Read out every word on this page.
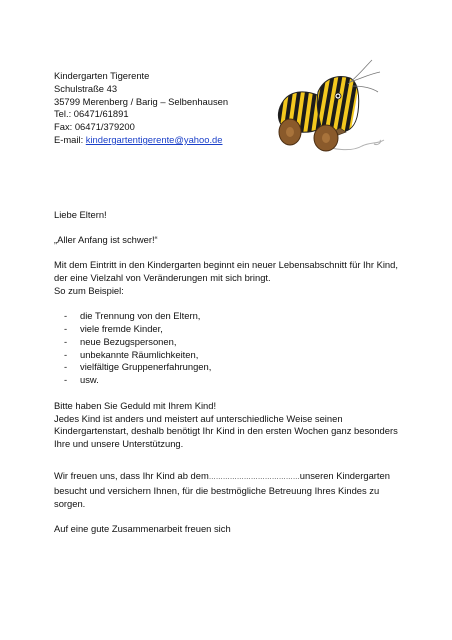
Kindergarten Tigerente
Schulstraße 43
35799 Merenberg / Barig – Selbenhausen
Tel.: 06471/61891
Fax: 06471/379200
E-mail: kindergartentigerente@yahoo.de

Liebe Eltern!

„Aller Anfang ist schwer!“

Mit dem Eintritt in den Kindergarten beginnt ein neuer Lebensabschnitt für Ihr Kind, der eine Vielzahl von Veränderungen mit sich bringt.

So zum Beispiel:

- die Trennung von den Eltern,
- viele fremde Kinder,
- neue Bezugspersonen,
- unbekannte Räumlichkeiten,
- vielfältige Gruppenerfahrungen,
- usw.

Bitte haben Sie Geduld mit Ihrem Kind!

Jedes Kind ist anders und meistert auf unterschiedliche Weise seinen Kindergartenstart, deshalb benötigt Ihr Kind in den ersten Wochen ganz besonders Ihre und unsere Unterstützung.

Wir freuen uns, dass Ihr Kind ab dem…………………………………unseren Kindergarten besucht und versichern Ihnen, für die bestmögliche Betreuung Ihres Kindes zu sorgen.

Auf eine gute Zusammenarbeit freuen sich
